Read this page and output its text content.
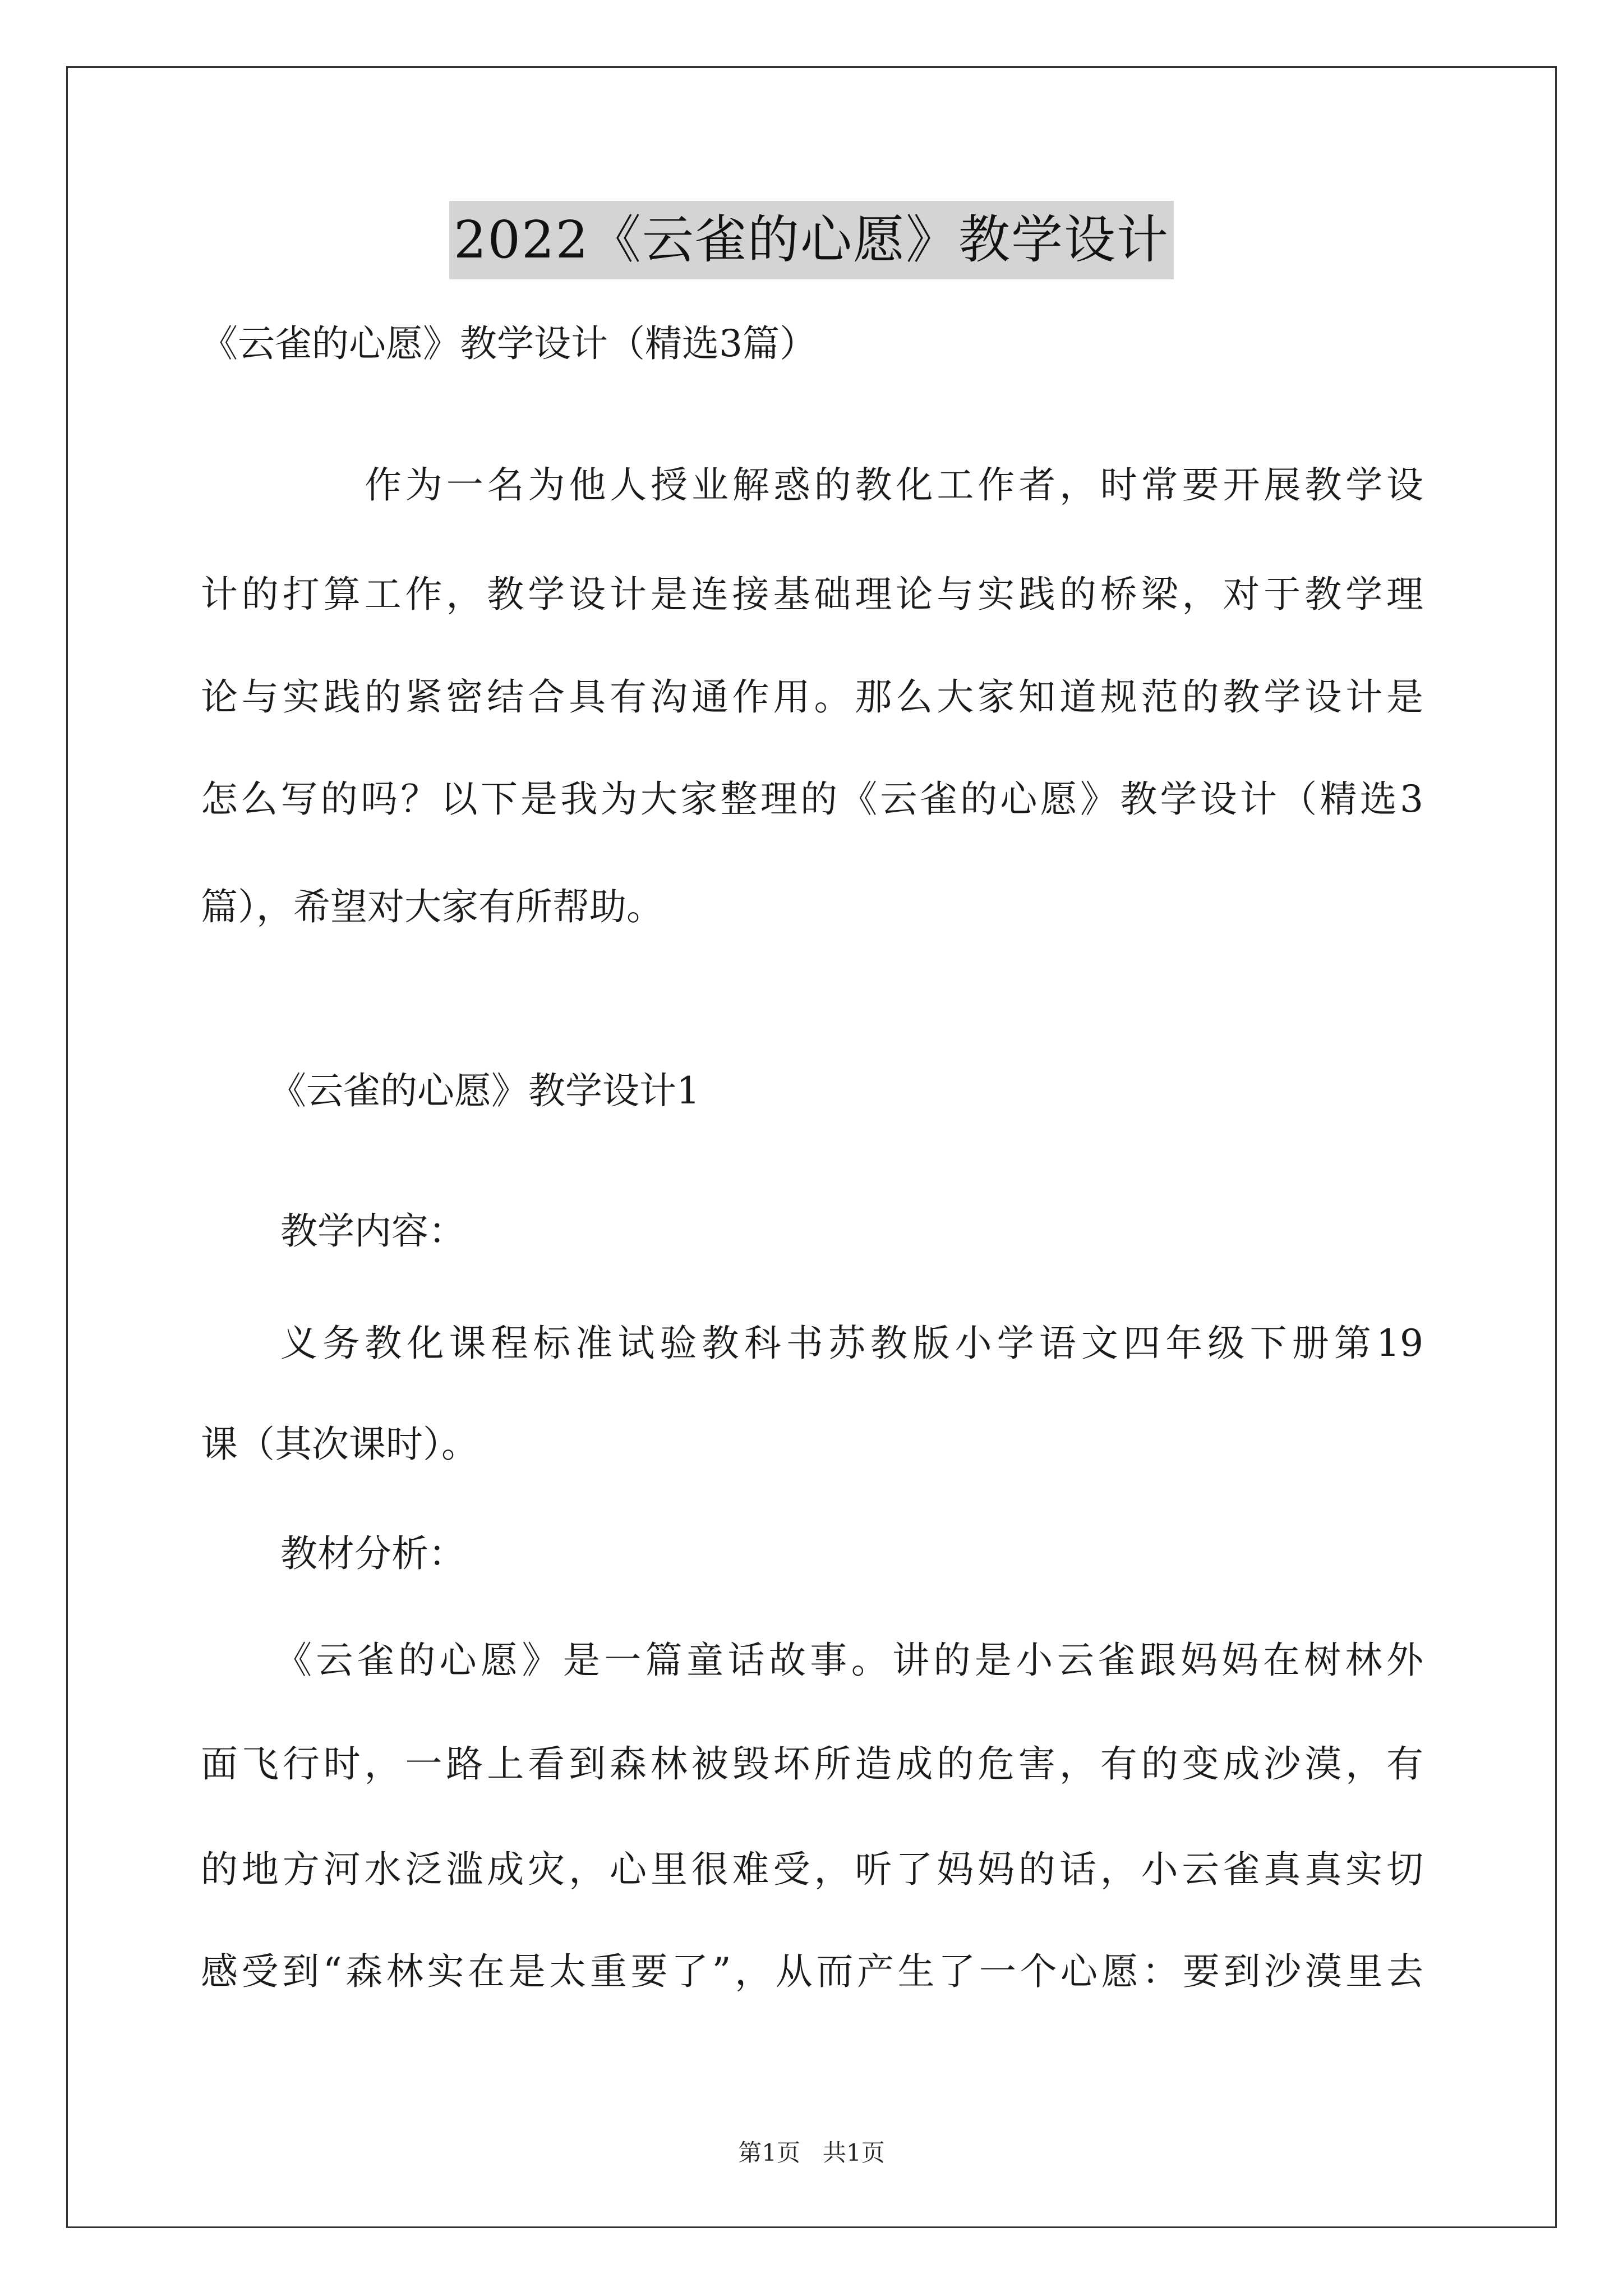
2022《云雀的心愿》教学设计
《云雀的心愿》教学设计（精选3篇）
作为一名为他人授业解惑的教化工作者，时常要开展教学设
计的打算工作，教学设计是连接基础理论与实践的桥梁，对于教学理
论与实践的紧密结合具有沟通作用。那么大家知道规范的教学设计是
怎么写的吗？以下是我为大家整理的《云雀的心愿》教学设计（精选3
篇），希望对大家有所帮助。
《云雀的心愿》教学设计1
教学内容：
义务教化课程标准试验教科书苏教版小学语文四年级下册第19
课（其次课时）。
教材分析：
《云雀的心愿》是一篇童话故事。讲的是小云雀跟妈妈在树林外
面飞行时，一路上看到森林被毁坏所造成的危害，有的变成沙漠，有
的地方河水泛滥成灾，心里很难受，听了妈妈的话，小云雀真真实切
感受到“森林实在是太重要了”，从而产生了一个心愿：要到沙漠里去
第1页   共1页
